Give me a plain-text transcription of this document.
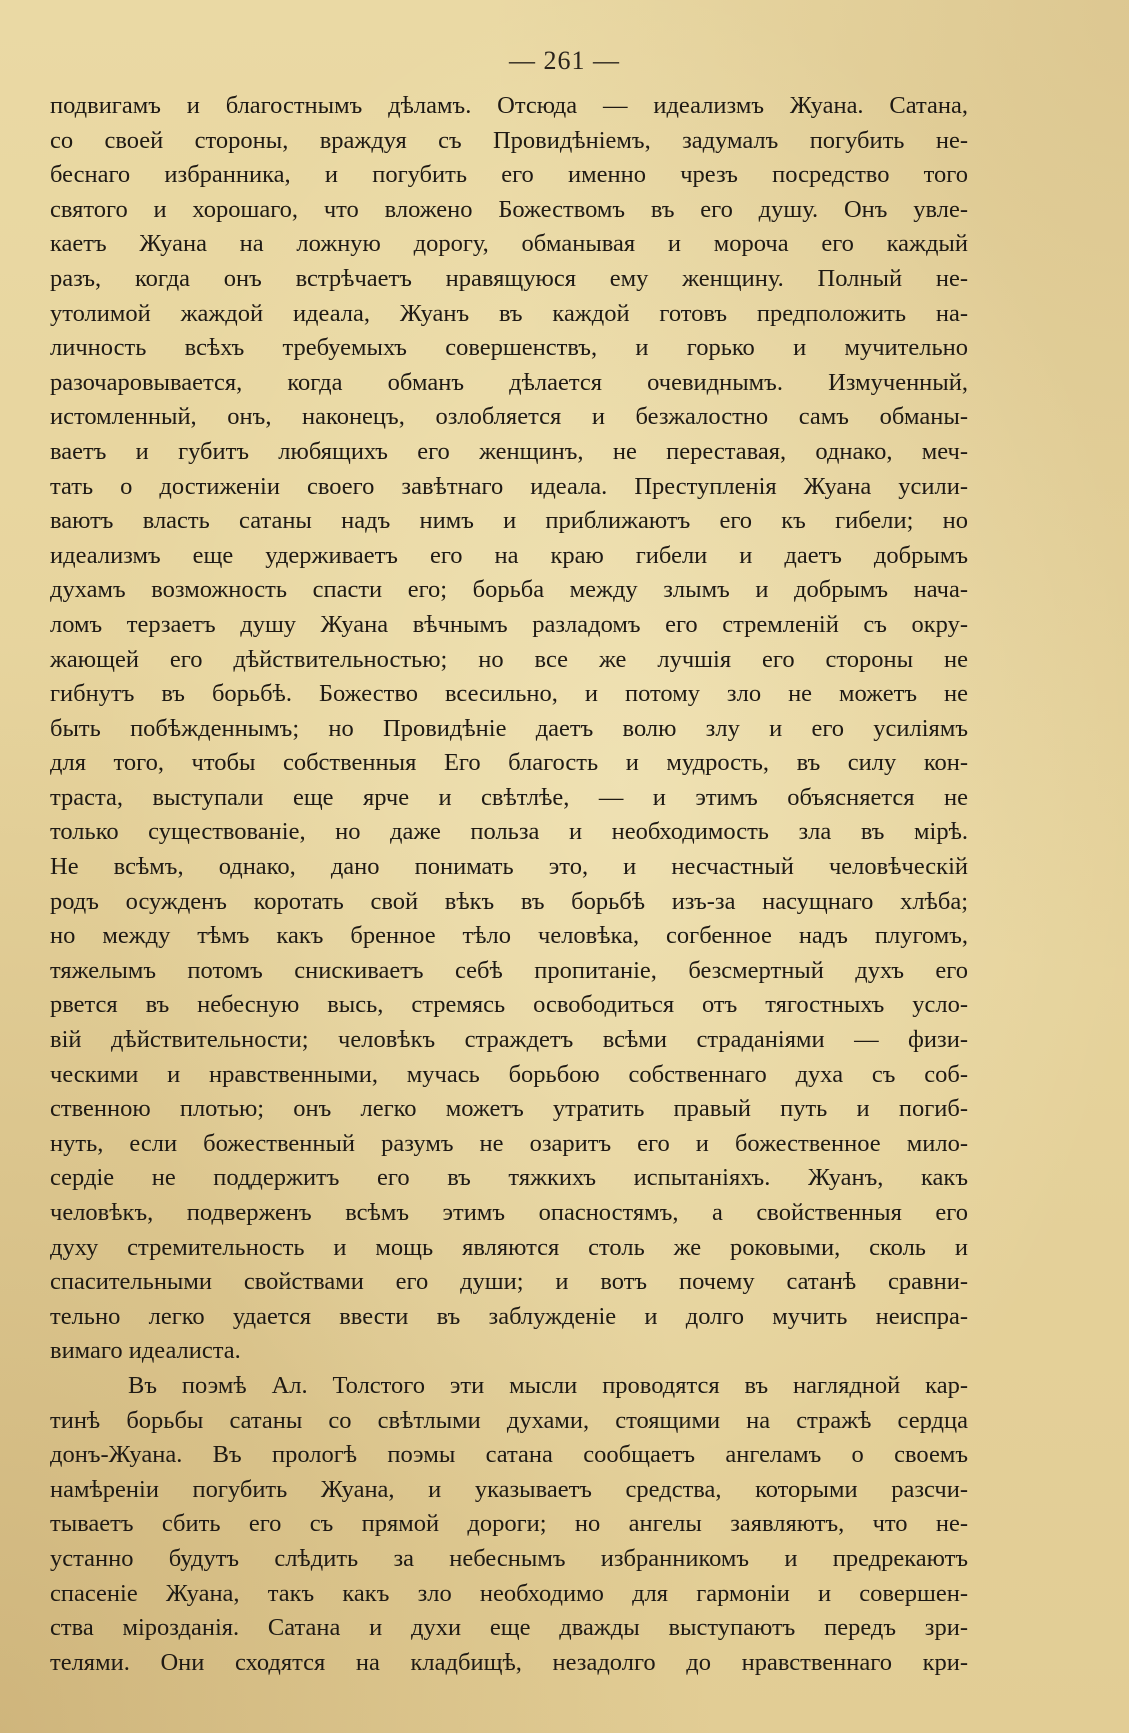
— 261 —
подвигамъ и благостнымъ дѣламъ. Отсюда — идеализмъ Жуана. Сатана,
со своей стороны, враждуя съ Провидѣніемъ, задумалъ погубить не-
беснаго избранника, и погубить его именно чрезъ посредство того
святого и хорошаго, что вложено Божествомъ въ его душу. Онъ увле-
каетъ Жуана на ложную дорогу, обманывая и мороча его каждый
разъ, когда онъ встрѣчаетъ нравящуюся ему женщину. Полный не-
утолимой жаждой идеала, Жуанъ въ каждой готовъ предположить на-
личность всѣхъ требуемыхъ совершенствъ, и горько и мучительно
разочаровывается, когда обманъ дѣлается очевиднымъ. Измученный,
истомленный, онъ, наконецъ, озлобляется и безжалостно самъ обманы-
ваетъ и губитъ любящихъ его женщинъ, не переставая, однако, меч-
тать о достиженіи своего завѣтнаго идеала. Преступленія Жуана усили-
ваютъ власть сатаны надъ нимъ и приближаютъ его къ гибели; но
идеализмъ еще удерживаетъ его на краю гибели и даетъ добрымъ
духамъ возможность спасти его; борьба между злымъ и добрымъ нача-
ломъ терзаетъ душу Жуана вѣчнымъ разладомъ его стремленій съ окру-
жающей его дѣйствительностью; но все же лучшія его стороны не
гибнутъ въ борьбѣ. Божество всесильно, и потому зло не можетъ не
быть побѣжденнымъ; но Провидѣніе даетъ волю злу и его усиліямъ
для того, чтобы собственныя Его благость и мудрость, въ силу кон-
траста, выступали еще ярче и свѣтлѣе, — и этимъ объясняется не
только существованіе, но даже польза и необходимость зла въ мірѣ.
Не всѣмъ, однако, дано понимать это, и несчастный человѣческій
родъ осужденъ коротать свой вѣкъ въ борьбѣ изъ-за насущнаго хлѣба;
но между тѣмъ какъ бренное тѣло человѣка, согбенное надъ плугомъ,
тяжелымъ потомъ снискиваетъ себѣ пропитаніе, безсмертный духъ его
рвется въ небесную высь, стремясь освободиться отъ тягостныхъ усло-
вій дѣйствительности; человѣкъ страждетъ всѣми страданіями — физи-
ческими и нравственными, мучась борьбою собственнаго духа съ соб-
ственною плотью; онъ легко можетъ утратить правый путь и погиб-
нуть, если божественный разумъ не озаритъ его и божественное мило-
сердіе не поддержитъ его въ тяжкихъ испытаніяхъ. Жуанъ, какъ
человѣкъ, подверженъ всѣмъ этимъ опасностямъ, а свойственныя его
духу стремительность и мощь являются столь же роковыми, сколь и
спасительными свойствами его души; и вотъ почему сатанѣ сравни-
тельно легко удается ввести въ заблужденіе и долго мучить неиспра-
вимаго идеалиста.
Въ поэмѣ Ал. Толстого эти мысли проводятся въ наглядной кар-
тинѣ борьбы сатаны со свѣтлыми духами, стоящими на стражѣ сердца
донъ-Жуана. Въ прологѣ поэмы сатана сообщаетъ ангеламъ о своемъ
намѣреніи погубить Жуана, и указываетъ средства, которыми разсчи-
тываетъ сбить его съ прямой дороги; но ангелы заявляютъ, что не-
устанно будутъ слѣдить за небеснымъ избранникомъ и предрекаютъ
спасеніе Жуана, такъ какъ зло необходимо для гармоніи и совершен-
ства мірозданія. Сатана и духи еще дважды выступаютъ передъ зри-
телями. Они сходятся на кладбищѣ, незадолго до нравственнаго кри-
